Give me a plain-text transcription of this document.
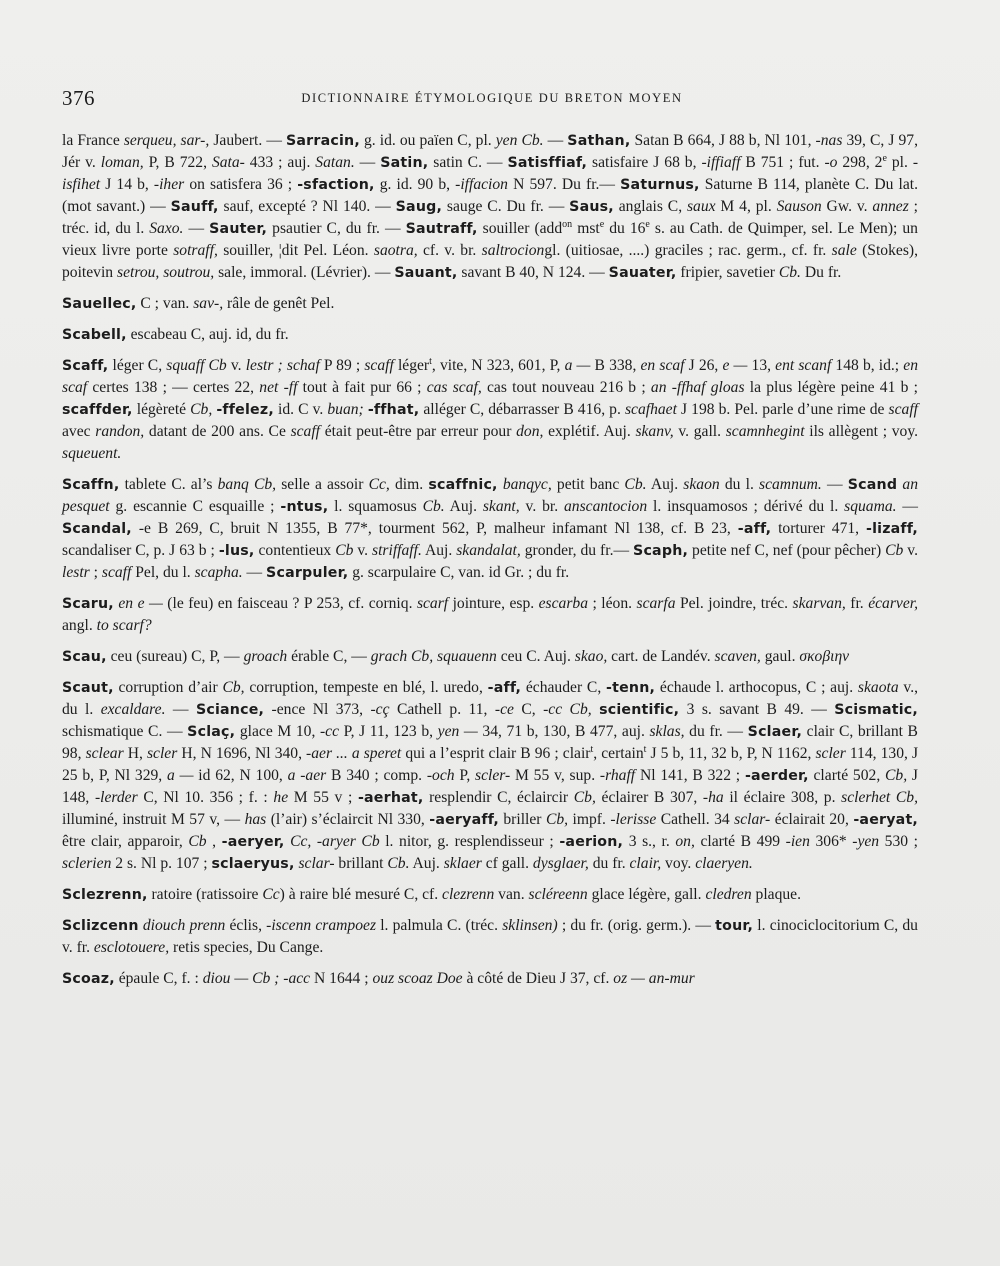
376	DICTIONNAIRE ÉTYMOLOGIQUE DU BRETON MOYEN

la France serqueu, sar-, Jaubert. — Sarracin, g. id. ou païen C, pl. yen Cb. — Sathan, Satan B 664, J 88 b, Nl 101, -nas 39, C, J 97, Jér v. loman, P, B 722, Sata- 433 ; auj. Satan. — Satin, satin C. — Satisffiaf, satisfaire J 68 b, -iffiaff B 751 ; fut. -o 298, 2e pl. -isfihet J 14 b, -iher on satisfera 36 ; -sfaction, g. id. 90 b, -iffacion N 597. Du fr.— Saturnus, Saturne B 114, planète C. Du lat. (mot savant.) — Sauff, sauf, excepté ? Nl 140. — Saug, sauge C. Du fr. — Saus, anglais C, saux M 4, pl. Sauson Gw. v. annez ; tréc. id, du l. Saxo. — Sauter, psautier C, du fr. — Sautraff, souiller (add$^{on}$ mst$^e$ du 16e s. au Cath. de Quimper, sel. Le Men); un vieux livre porte sotraff, souiller, ¦dit Pel. Léon. saotra, cf. v. br. saltrociongl. (uitiosae, ....) graciles ; rac. germ., cf. fr. sale (Stokes), poitevin setrou, soutrou, sale, immoral. (Lévrier). — Sauant, savant B 40, N 124. — Sauater, fripier, savetier Cb. Du fr.

Sauellec, C ; van. sav-, râle de genêt Pel.

Scabell, escabeau C, auj. id, du fr.

Scaff, léger C, squaff Cb v. lestr ; schaf P 89 ; scaff léger$^t$, vite, N 323, 601, P, a — B 338, en scaf J 26, e — 13, ent scanf 148 b, id.; en scaf certes 138 ; — certes 22, net -ff tout à fait pur 66 ; cas scaf, cas tout nouveau 216 b ; an -ffhaf gloas la plus légère peine 41 b ; scaffder, légèreté Cb, -ffelez, id. C v. buan; -ffhat, alléger C, débarrasser B 416, p. scafhaet J 198 b. Pel. parle d’une rime de scaff avec randon, datant de 200 ans. Ce scaff était peut-être par erreur pour don, explétif. Auj. skanv, v. gall. scamnhegint ils allègent ; voy. squeuent.

Scaffn, tablete C. al’s banq Cb, selle a assoir Cc, dim. scaffnic, banqyc, petit banc Cb. Auj. skaon du l. scamnum. — Scand an pesquet g. escannie C esquaille ; -ntus, l. squamosus Cb. Auj. skant, v. br. anscantocion l. insquamosos ; dérivé du l. squama. — Scandal, -e B 269, C, bruit N 1355, B 77*, tourment 562, P, malheur infamant Nl 138, cf. B 23, -aff, torturer 471, -lizaff, scandaliser C, p. J 63 b ; -lus, contentieux Cb v. striffaff. Auj. skandalat, gronder, du fr.— Scaph, petite nef C, nef (pour pêcher) Cb v. lestr ; scaff Pel, du l. scapha. — Scarpuler, g. scarpulaire C, van. id Gr. ; du fr.

Scaru, en e — (le feu) en faisceau ? P 253, cf. corniq. scarf jointure, esp. escarba ; léon. scarfa Pel. joindre, tréc. skarvan, fr. écarver, angl. to scarf?

Scau, ceu (sureau) C, P, — groach érable C, — grach Cb, squauenn ceu C. Auj. skao, cart. de Landév. scaven, gaul. σκοβιην

Scaut, corruption d’air Cb, corruption, tempeste en blé, l. uredo, -aff, échauder C, -tenn, échaude l. arthocopus, C ; auj. skaota v., du l. excaldare. — Sciance, -ence Nl 373, -cç Cathell p. 11, -ce C, -cc Cb, scientific, 3 s. savant B 49. — Scismatic, schismatique C. — Sclaç, glace M 10, -cc P, J 11, 123 b, yen — 34, 71 b, 130, B 477, auj. sklas, du fr. — Sclaer, clair C, brillant B 98, sclear H, scler H, N 1696, Nl 340, -aer ... a speret qui a l’esprit clair B 96 ; clair$^t$, certain$^t$ J 5 b, 11, 32 b, P, N 1162, scler 114, 130, J 25 b, P, Nl 329, a — id 62, N 100, a -aer B 340 ; comp. -och P, scler- M 55 v, sup. -rhaff Nl 141, B 322 ; -aerder, clarté 502, Cb, J 148, -lerder C, Nl 10. 356 ; f. : he M 55 v ; -aerhat, resplendir C, éclaircir Cb, éclairer B 307, -ha il éclaire 308, p. sclerhet Cb, illuminé, instruit M 57 v, — has (l’air) s’éclaircit Nl 330, -aeryaff, briller Cb, impf. -lerisse Cathell. 34 sclar- éclairait 20, -aeryat, être clair, apparoir, Cb , -aeryer, Cc, -aryer Cb l. nitor, g. resplendisseur ; -aerion, 3 s., r. on, clarté B 499 -ien 306* -yen 530 ; sclerien 2 s. Nl p. 107 ; sclaeryus, sclar- brillant Cb. Auj. sklaer cf gall. dysglaer, du fr. clair, voy. claeryen.

Sclezrenn, ratoire (ratissoire Cc) à raire blé mesuré C, cf. clezrenn van. scléreenn glace légère, gall. cledren plaque.

Sclizcenn diouch prenn éclis, -iscenn crampoez l. palmula C. (tréc. sklinsen) ; du fr. (orig. germ.). — tour, l. cinociclocitorium C, du v. fr. esclotouere, retis species, Du Cange.

Scoaz, épaule C, f. : diou — Cb ; -acc N 1644 ; ouz scoaz Doe à côté de Dieu J 37, cf. oz — an-mur
